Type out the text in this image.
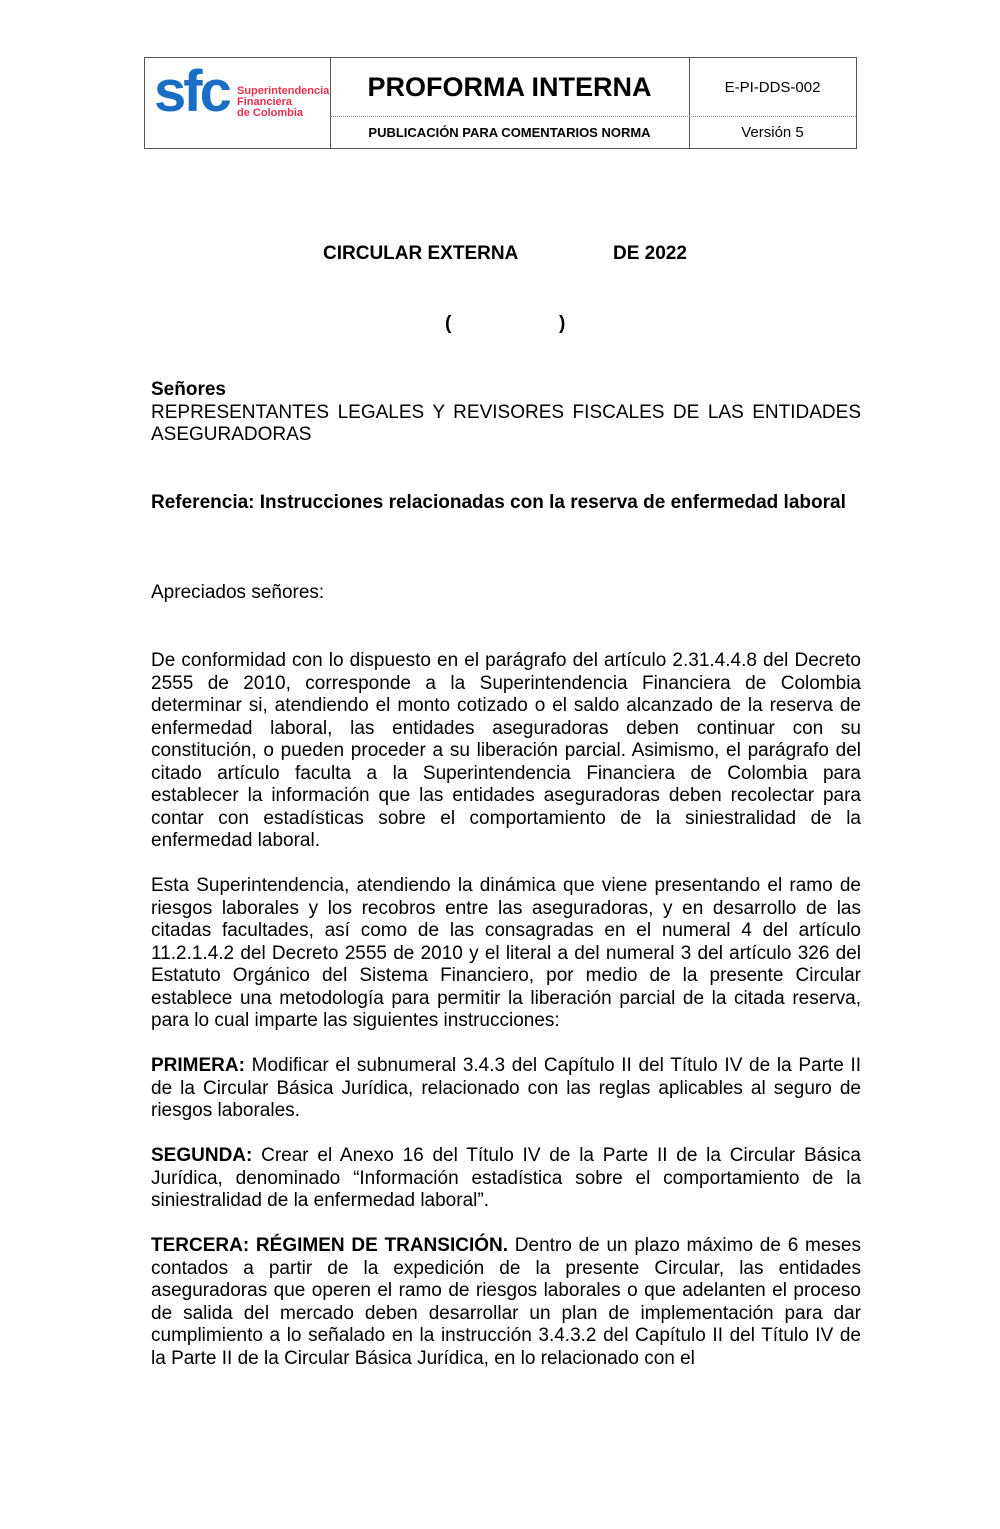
sfc Superintendencia
Financiera
de Colombia
PROFORMA INTERNA
PUBLICACIÓN PARA COMENTARIOS NORMA
E-PI-DDS-002
Versión 5
CIRCULAR EXTERNA	DE 2022
(	)

Señores

REPRESENTANTES LEGALES Y REVISORES FISCALES DE LAS ENTIDADES ASEGURADORAS

Referencia: Instrucciones relacionadas con la reserva de enfermedad laboral
Apreciados señores:
De conformidad con lo dispuesto en el parágrafo del artículo 2.31.4.4.8 del Decreto 2555 de 2010, corresponde a la Superintendencia Financiera de Colombia determinar si, atendiendo el monto cotizado o el saldo alcanzado de la reserva de enfermedad laboral, las entidades aseguradoras deben continuar con su constitución, o pueden proceder a su liberación parcial. Asimismo, el parágrafo del citado artículo faculta a la Superintendencia Financiera de Colombia para establecer la información que las entidades aseguradoras deben recolectar para contar con estadísticas sobre el comportamiento de la siniestralidad de la enfermedad laboral.
Esta Superintendencia, atendiendo la dinámica que viene presentando el ramo de riesgos laborales y los recobros entre las aseguradoras, y en desarrollo de las citadas facultades, así como de las consagradas en el numeral 4 del artículo 11.2.1.4.2 del Decreto 2555 de 2010 y el literal a del numeral 3 del artículo 326 del Estatuto Orgánico del Sistema Financiero, por medio de la presente Circular establece una metodología para permitir la liberación parcial de la citada reserva, para lo cual imparte las siguientes instrucciones:
PRIMERA: Modificar el subnumeral 3.4.3 del Capítulo II del Título IV de la Parte II de la Circular Básica Jurídica, relacionado con las reglas aplicables al seguro de riesgos laborales.
SEGUNDA: Crear el Anexo 16 del Título IV de la Parte II de la Circular Básica Jurídica, denominado “Información estadística sobre el comportamiento de la siniestralidad de la enfermedad laboral”.
TERCERA: RÉGIMEN DE TRANSICIÓN. Dentro de un plazo máximo de 6 meses contados a partir de la expedición de la presente Circular, las entidades aseguradoras que operen el ramo de riesgos laborales o que adelanten el proceso de salida del mercado deben desarrollar un plan de implementación para dar cumplimiento a lo señalado en la instrucción 3.4.3.2 del Capítulo II del Título IV de la Parte II de la Circular Básica Jurídica, en lo relacionado con el
